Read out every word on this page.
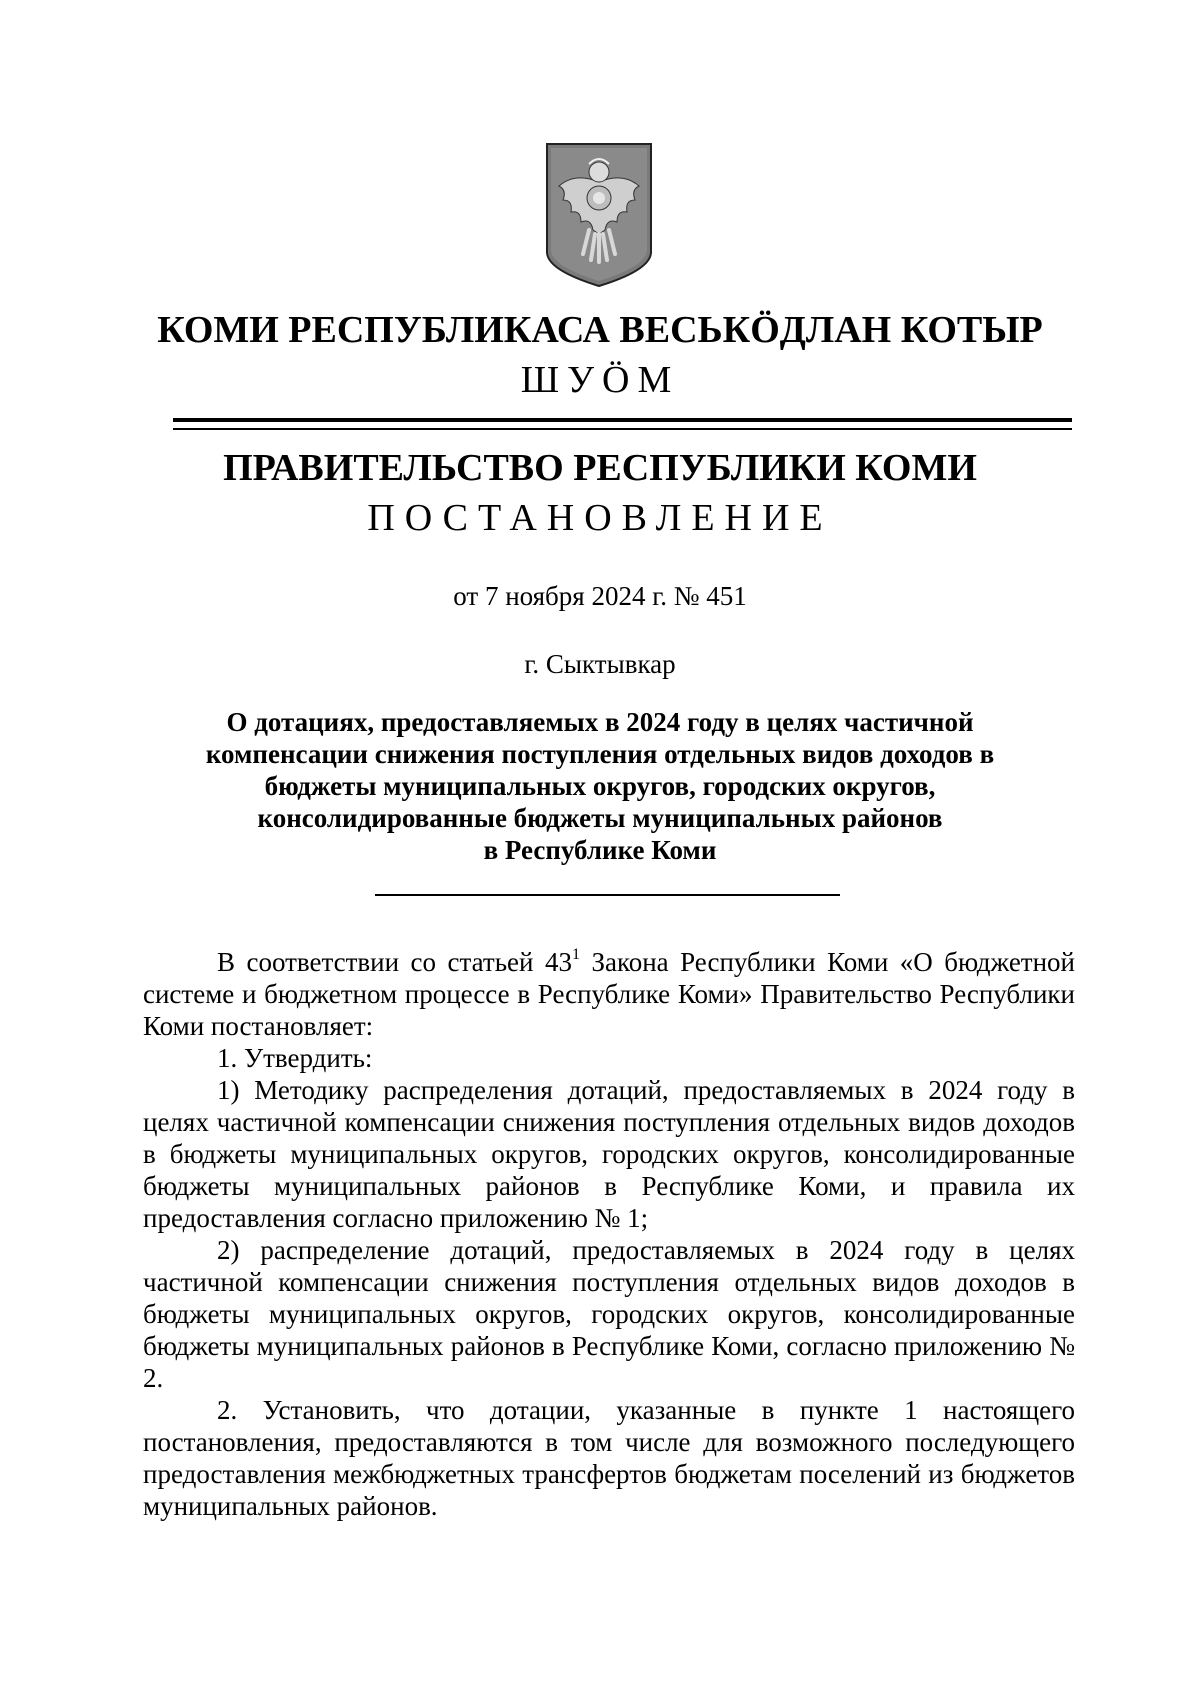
КОМИ РЕСПУБЛИКАСА ВЕСЬКӦДЛАН КОТЫР
ШУӦМ
ПРАВИТЕЛЬСТВО РЕСПУБЛИКИ КОМИ
ПОСТАНОВЛЕНИЕ
от 7 ноября 2024 г. № 451
г. Сыктывкар
О дотациях, предоставляемых в 2024 году в целях частичной
компенсации снижения поступления отдельных видов доходов в
бюджеты муниципальных округов, городских округов,
консолидированные бюджеты муниципальных районов
в Республике Коми

В соответствии со статьей $43^1$ Закона Республики Коми «О бюджетной системе и бюджетном процессе в Республике Коми» Правительство Республики Коми постановляет:

1. Утвердить:

1) Методику распределения дотаций, предоставляемых в 2024 году в целях частичной компенсации снижения поступления отдельных видов доходов в бюджеты муниципальных округов, городских округов, консолидированные бюджеты муниципальных районов в Республике Коми, и правила их предоставления согласно приложению № 1;

2) распределение дотаций, предоставляемых в 2024 году в целях частичной компенсации снижения поступления отдельных видов доходов в бюджеты муниципальных округов, городских округов, консолидированные бюджеты муниципальных районов в Республике Коми, согласно приложению № 2.

2. Установить, что дотации, указанные в пункте 1 настоящего постановления, предоставляются в том числе для возможного последующего предоставления межбюджетных трансфертов бюджетам поселений из бюджетов муниципальных районов.
